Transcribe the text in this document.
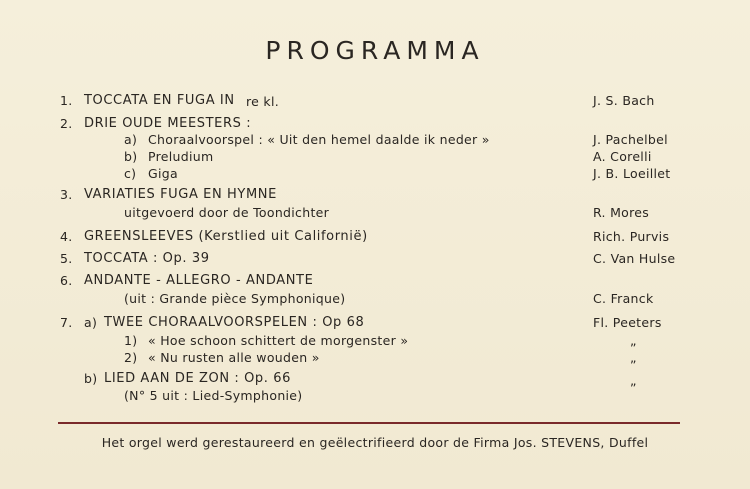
PROGRAMMA
1. TOCCATA EN FUGA IN re kl.	J. S. Bach
2. DRIE OUDE MEESTERS :
a) Choraalvoorspel : « Uit den hemel daalde ik neder »	J. Pachelbel
b) Preludium	A. Corelli
c) Giga	J. B. Loeillet
3. VARIATIES FUGA EN HYMNE
uitgevoerd door de Toondichter	R. Mores
4. GREENSLEEVES (Kerstlied uit Californië)	Rich. Purvis
5. TOCCATA : Op. 39	C. Van Hulse
6. ANDANTE - ALLEGRO - ANDANTE
(uit : Grande pièce Symphonique)	C. Franck
7. a) TWEE CHORAALVOORSPELEN : Op 68	Fl. Peeters
1) « Hoe schoon schittert de morgenster »	„
2) « Nu rusten alle wouden »	„
b) LIED AAN DE ZON : Op. 66	„
(N° 5 uit : Lied-Symphonie)
Het orgel werd gerestaureerd en geëlectrifieerd door de Firma Jos. STEVENS, Duffel
